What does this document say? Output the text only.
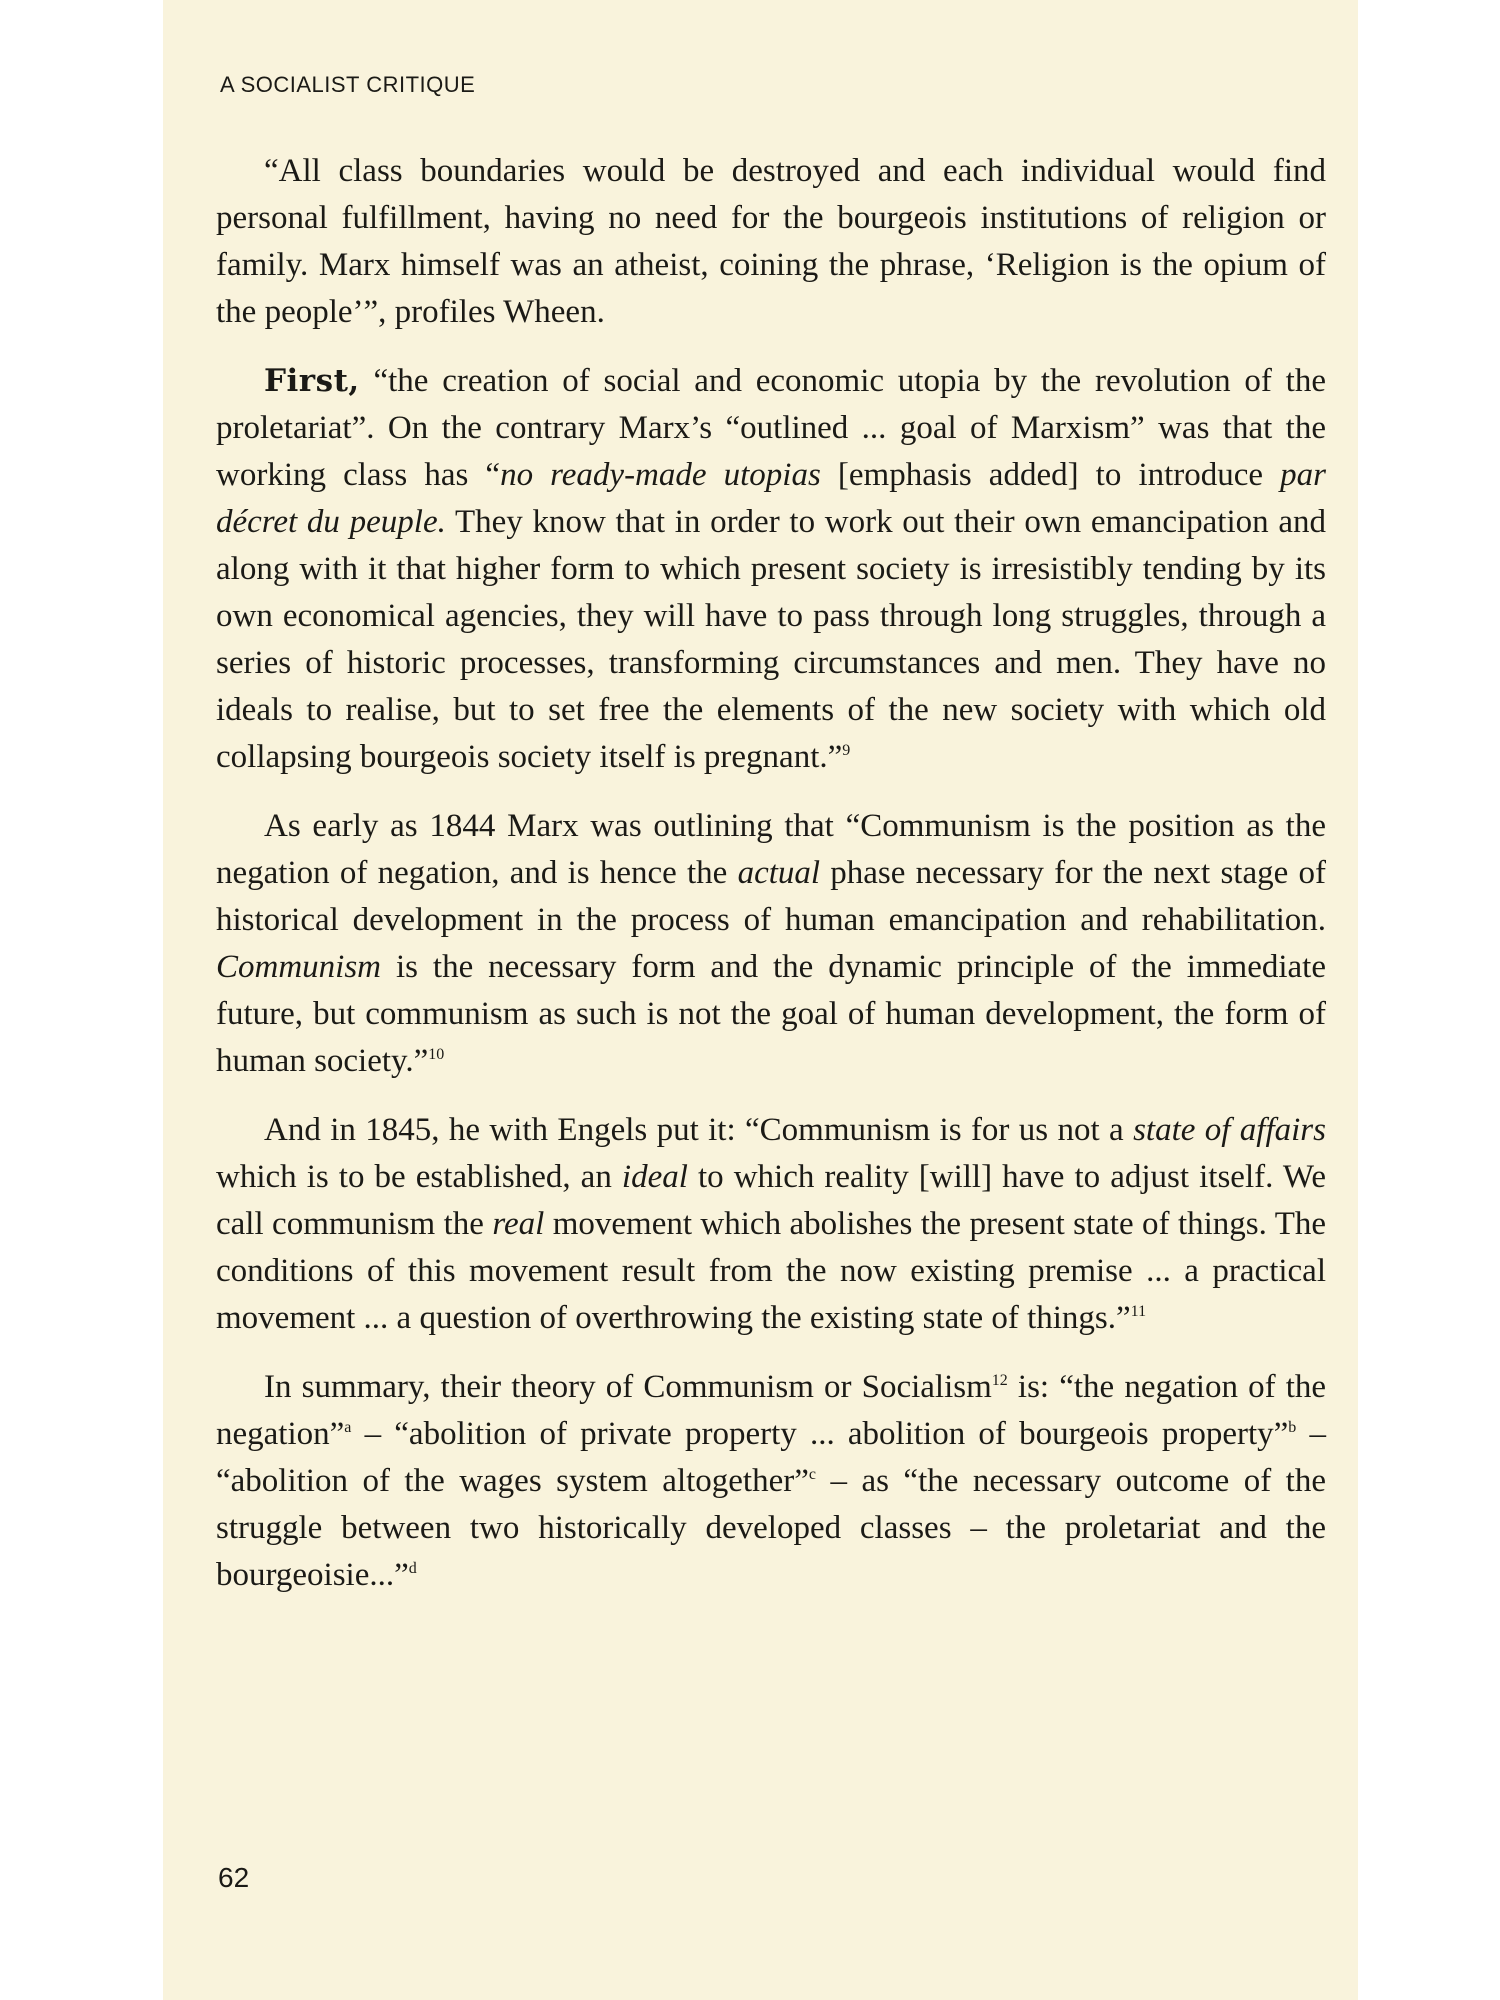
A SOCIALIST CRITIQUE

“All class boundaries would be destroyed and each individual would find personal fulfillment, having no need for the bourgeois institutions of religion or family. Marx himself was an atheist, coining the phrase, ‘Religion is the opium of the people’”, profiles Wheen.

First, “the creation of social and economic utopia by the revolution of the proletariat”. On the contrary Marx’s “outlined ... goal of Marxism” was that the working class has “no ready-made utopias [emphasis added] to introduce par décret du peuple. They know that in order to work out their own emancipation and along with it that higher form to which present society is irresistibly tending by its own economical agencies, they will have to pass through long struggles, through a series of historic processes, transforming circumstances and men. They have no ideals to realise, but to set free the elements of the new society with which old collapsing bourgeois society itself is pregnant.”$^9$

As early as 1844 Marx was outlining that “Communism is the position as the negation of negation, and is hence the actual phase necessary for the next stage of historical development in the process of human emancipation and rehabilitation. Communism is the necessary form and the dynamic principle of the immediate future, but communism as such is not the goal of human development, the form of human society.”$^{10}$

And in 1845, he with Engels put it: “Communism is for us not a state of affairs which is to be established, an ideal to which reality [will] have to adjust itself. We call communism the real movement which abolishes the present state of things. The conditions of this movement result from the now existing premise ... a practical movement ... a question of overthrowing the existing state of things.”$^{11}$

In summary, their theory of Communism or Socialism$^{12}$ is: “the negation of the negation”$^a$ – “abolition of private property ... abolition of bourgeois property”$^b$ – “abolition of the wages system altogether”$^c$ – as “the necessary outcome of the struggle between two historically developed classes – the proletariat and the bourgeoisie...”$^d$

62
